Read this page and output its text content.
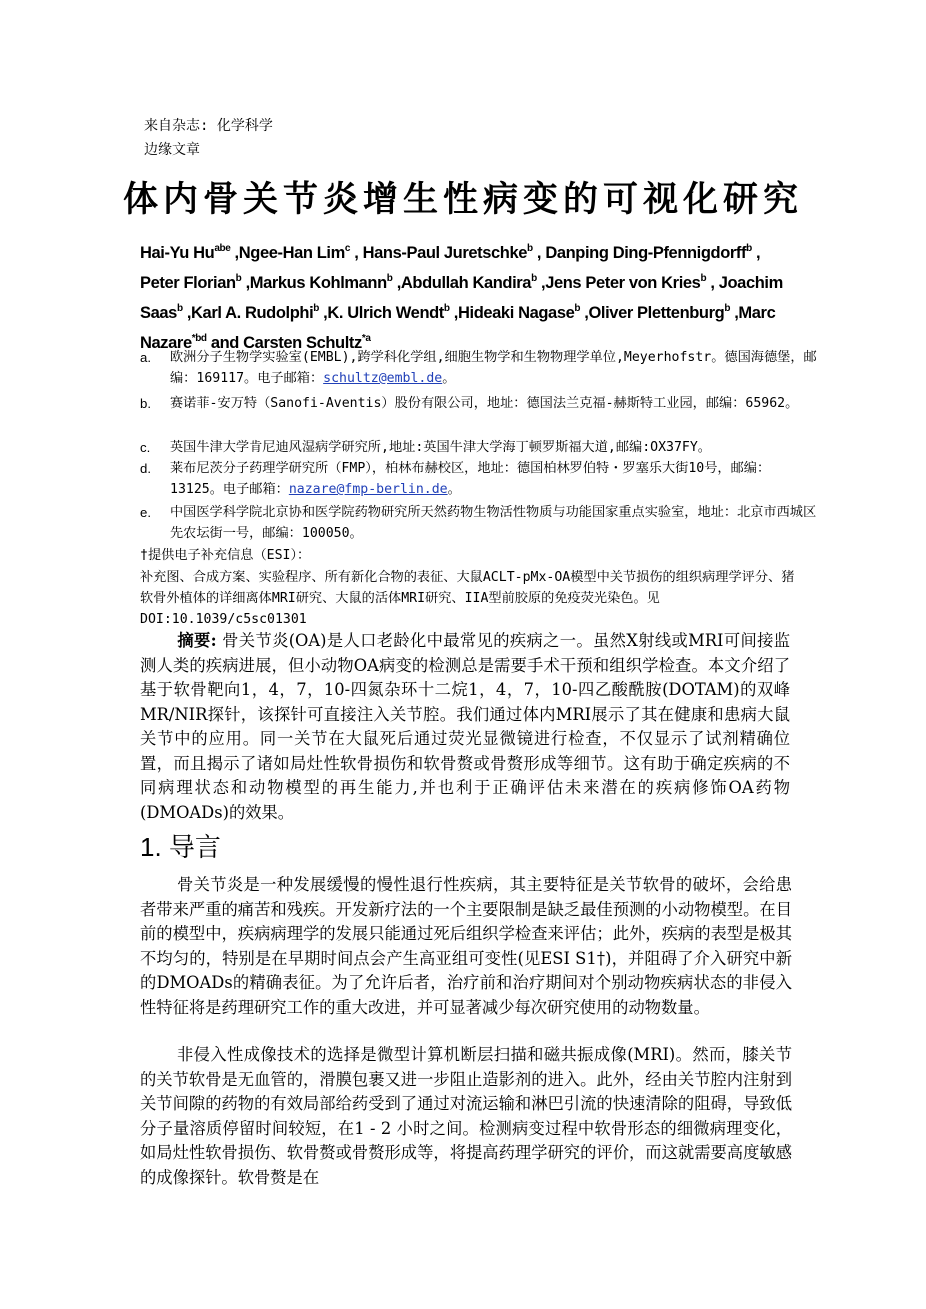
来自杂志: 化学科学
边缘文章
体内骨关节炎增生性病变的可视化研究
Hai-Yu $Hu^{abe}$ ,Ngee-Han Lim$^c$ , Hans-Paul Juretschke$^b$ , Danping Ding-Pfennigdorff$^b$ , Peter Florian$^b$ ,Markus Kohlmann$^b$ ,Abdullah Kandira$^b$ ,Jens Peter von Kries$^b$ , Joachim Saas$^b$ ,Karl A. Rudolphi$^b$ ,K. Ulrich Wendt$^b$ ,Hideaki Nagase$^b$ ,Oliver Plettenburg$^b$ ,Marc Nazare$^{*bd}$ and Carsten Schultz$^{*a}$
a. 欧洲分子生物学实验室(EMBL),跨学科化学组,细胞生物学和生物物理学单位,Meyerhofstr。德国海德堡，邮编：169117。电子邮箱：schultz@embl.de。
b. 赛诺菲-安万特（Sanofi-Aventis）股份有限公司，地址：德国法兰克福-赫斯特工业园，邮编：65962。
c. 英国牛津大学肯尼迪风湿病学研究所,地址:英国牛津大学海丁顿罗斯福大道,邮编:OX37FY。
d. 莱布尼茨分子药理学研究所（FMP），柏林布赫校区，地址：德国柏林罗伯特・罗塞乐大街10号，邮编：13125。电子邮箱：nazare@fmp-berlin.de。
e. 中国医学科学院北京协和医学院药物研究所天然药物生物活性物质与功能国家重点实验室，地址：北京市西城区先农坛街一号，邮编：100050。
†提供电子补充信息（ESI）：
补充图、合成方案、实验程序、所有新化合物的表征、大鼠ACLT-pMx-OA模型中关节损伤的组织病理学评分、猪软骨外植体的详细离体MRI研究、大鼠的活体MRI研究、IIA型前胶原的免疫荧光染色。见DOI:10.1039/c5sc01301
摘要: 骨关节炎(OA)是人口老龄化中最常见的疾病之一。虽然X射线或MRI可间接监测人类的疾病进展，但小动物OA病变的检测总是需要手术干预和组织学检查。本文介绍了基于软骨靶向1，4，7，10-四氮杂环十二烷1，4，7，10-四乙酸酰胺(DOTAM)的双峰MR/NIR探针，该探针可直接注入关节腔。我们通过体内MRI展示了其在健康和患病大鼠关节中的应用。同一关节在大鼠死后通过荧光显微镜进行检查，不仅显示了试剂精确位置，而且揭示了诸如局灶性软骨损伤和软骨赘或骨赘形成等细节。这有助于确定疾病的不同病理状态和动物模型的再生能力,并也利于正确评估未来潜在的疾病修饰OA药物(DMOADs)的效果。
1. 导言
骨关节炎是一种发展缓慢的慢性退行性疾病，其主要特征是关节软骨的破坏，会给患者带来严重的痛苦和残疾。开发新疗法的一个主要限制是缺乏最佳预测的小动物模型。在目前的模型中，疾病病理学的发展只能通过死后组织学检查来评估；此外，疾病的表型是极其不均匀的，特别是在早期时间点会产生高亚组可变性(见ESI S1†)，并阻碍了介入研究中新的DMOADs的精确表征。为了允许后者，治疗前和治疗期间对个别动物疾病状态的非侵入性特征将是药理研究工作的重大改进，并可显著减少每次研究使用的动物数量。
非侵入性成像技术的选择是微型计算机断层扫描和磁共振成像(MRI)。然而，膝关节的关节软骨是无血管的，滑膜包裹又进一步阻止造影剂的进入。此外，经由关节腔内注射到关节间隙的药物的有效局部给药受到了通过对流运输和淋巴引流的快速清除的阻碍，导致低分子量溶质停留时间较短，在1 - 2 小时之间。检测病变过程中软骨形态的细微病理变化，如局灶性软骨损伤、软骨赘或骨赘形成等，将提高药理学研究的评价，而这就需要高度敏感的成像探针。软骨赘是在
